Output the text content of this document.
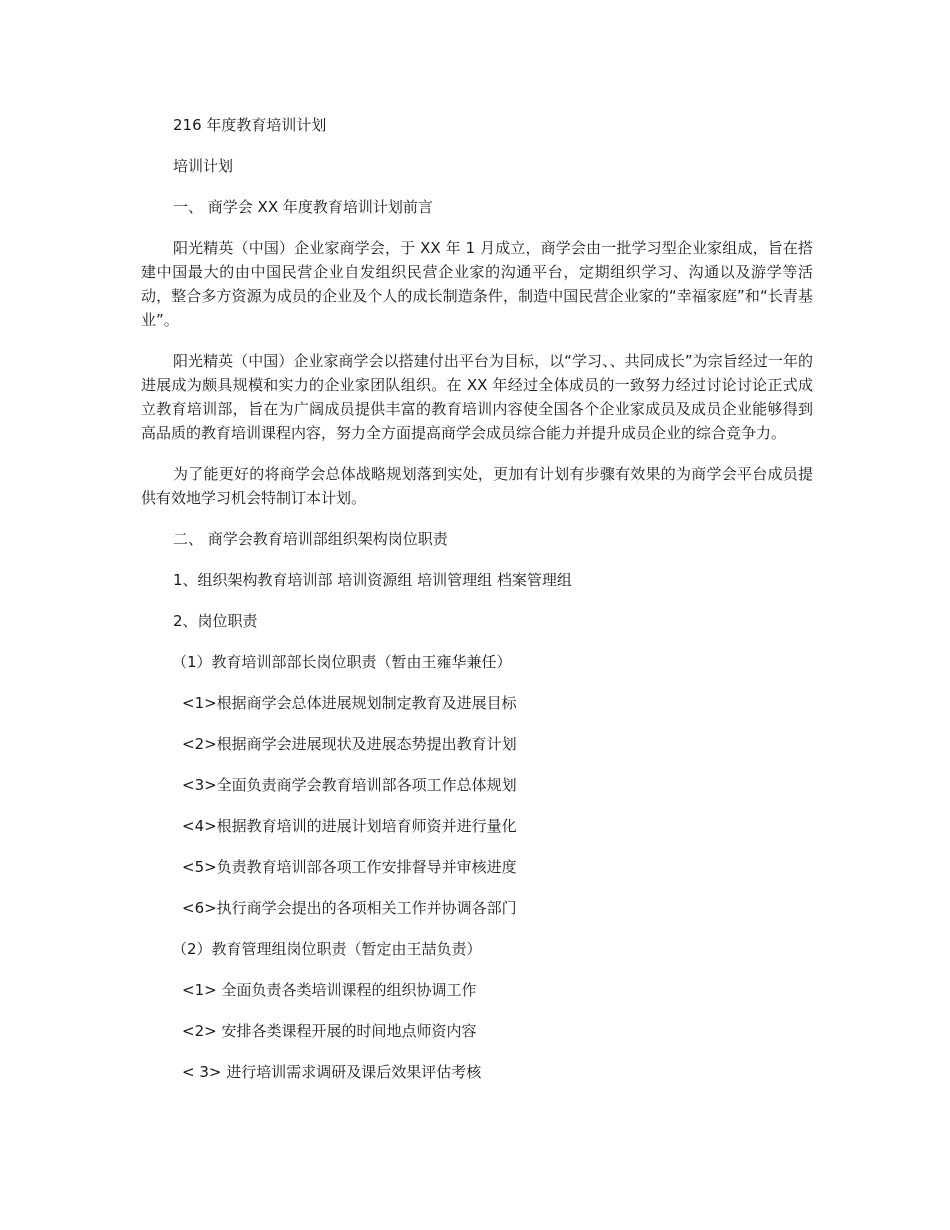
216 年度教育培训计划
培训计划
一、 商学会 XX 年度教育培训计划前言

阳光精英（中国）企业家商学会，于 XX 年 1 月成立，商学会由一批学习型企业家组成，旨在搭建中国最大的由中国民营企业自发组织民营企业家的沟通平台，定期组织学习、沟通以及游学等活动，整合多方资源为成员的企业及个人的成长制造条件，制造中国民营企业家的“幸福家庭”和“长青基业”。

阳光精英（中国）企业家商学会以搭建付出平台为目标，以“学习、、共同成长”为宗旨经过一年的进展成为颇具规模和实力的企业家团队组织。在 XX 年经过全体成员的一致努力经过讨论讨论正式成立教育培训部，旨在为广阔成员提供丰富的教育培训内容使全国各个企业家成员及成员企业能够得到高品质的教育培训课程内容，努力全方面提高商学会成员综合能力并提升成员企业的综合竞争力。

为了能更好的将商学会总体战略规划落到实处，更加有计划有步骤有效果的为商学会平台成员提供有效地学习机会特制订本计划。

二、 商学会教育培训部组织架构岗位职责
1、组织架构教育培训部 培训资源组 培训管理组 档案管理组
2、岗位职责
（1）教育培训部部长岗位职责（暂由王雍华兼任）
<1>根据商学会总体进展规划制定教育及进展目标
<2>根据商学会进展现状及进展态势提出教育计划
<3>全面负责商学会教育培训部各项工作总体规划
<4>根据教育培训的进展计划培育师资并进行量化
<5>负责教育培训部各项工作安排督导并审核进度
<6>执行商学会提出的各项相关工作并协调各部门
（2）教育管理组岗位职责（暂定由王喆负责）
<1> 全面负责各类培训课程的组织协调工作
<2> 安排各类课程开展的时间地点师资内容
< 3> 进行培训需求调研及课后效果评估考核
